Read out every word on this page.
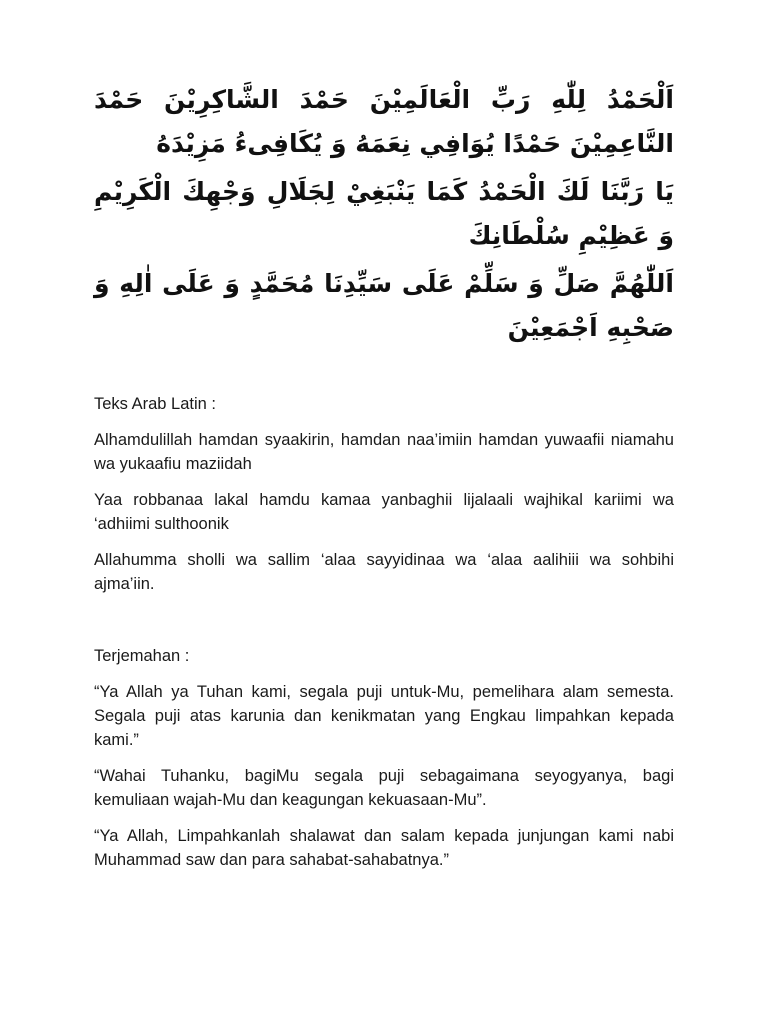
اَلْحَمْدُ لِلّٰهِ رَبِّ الْعَالَمِيْنَ حَمْدَ الشَّاكِرِيْنَ حَمْدَ النَّاعِمِيْنَ حَمْدًا يُوَافِي نِعَمَهُ وَ يُكَافِىءُ مَزِيْدَهُ

يَا رَبَّنَا لَكَ الْحَمْدُ كَمَا يَنْبَغِيْ لِجَلَالِ وَجْهِكَ الْكَرِيْمِ وَ عَظِيْمِ سُلْطَانِكَ

اَللّٰهُمَّ صَلِّ وَ سَلِّمْ عَلَى سَيِّدِنَا مُحَمَّدٍ وَ عَلَى اٰلِهِ وَ صَحْبِهِ اَجْمَعِيْنَ

Teks Arab Latin :

Alhamdulillah hamdan syaakirin, hamdan naa’imiin hamdan yuwaafii niamahu wa yukaafiu maziidah

Yaa robbanaa lakal hamdu kamaa yanbaghii lijalaali wajhikal kariimi wa ‘adhiimi sulthoonik

Allahumma sholli wa sallim ‘alaa sayyidinaa wa ‘alaa aalihiii wa sohbihi ajma’iin.

Terjemahan :

“Ya Allah ya Tuhan kami, segala puji untuk-Mu, pemelihara alam semesta. Segala puji atas karunia dan kenikmatan yang Engkau limpahkan kepada kami.”

“Wahai Tuhanku, bagiMu segala puji sebagaimana seyogyanya, bagi kemuliaan wajah-Mu dan keagungan kekuasaan-Mu”.

“Ya Allah, Limpahkanlah shalawat dan salam kepada junjungan kami nabi Muhammad saw dan para sahabat-sahabatnya.”
